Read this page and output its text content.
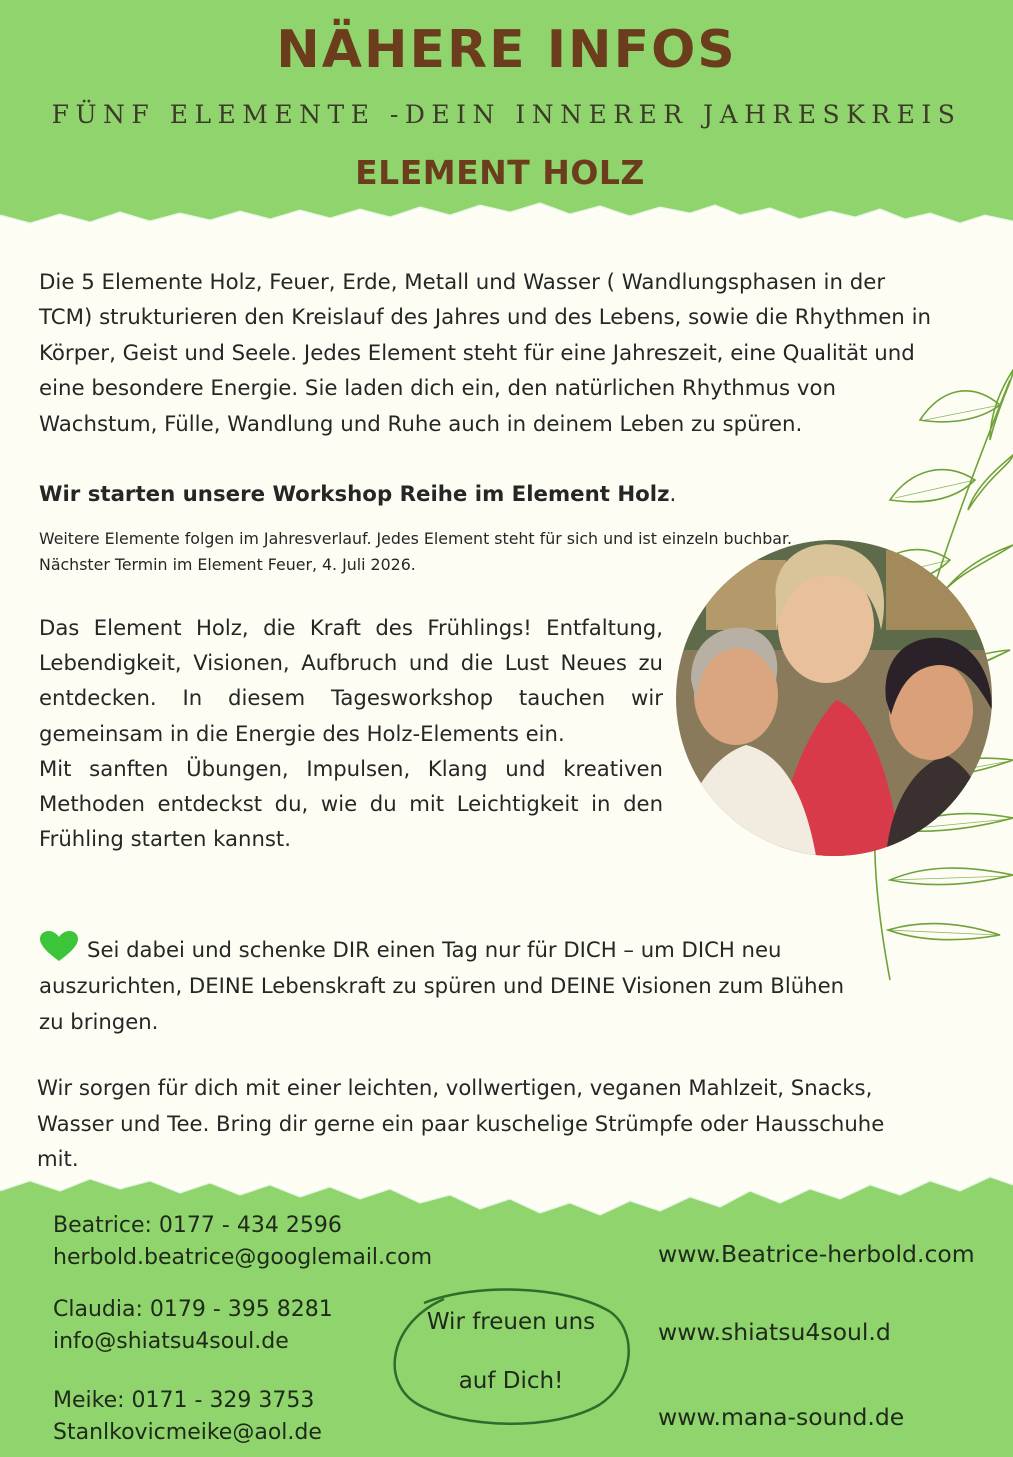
NÄHERE INFOS
FÜNF ELEMENTE -DEIN INNERER JAHRESKREIS
ELEMENT HOLZ
Die 5 Elemente Holz, Feuer, Erde, Metall und Wasser ( Wandlungsphasen in der TCM) strukturieren den Kreislauf des Jahres und des Lebens, sowie die Rhythmen in Körper, Geist und Seele. Jedes Element steht für eine Jahreszeit, eine Qualität und eine besondere Energie. Sie laden dich ein, den natürlichen Rhythmus von Wachstum, Fülle, Wandlung und Ruhe auch in deinem Leben zu spüren.
Wir starten unsere Workshop Reihe im Element Holz.
Weitere Elemente folgen im Jahresverlauf. Jedes Element steht für sich und ist einzeln buchbar. Nächster Termin im Element Feuer, 4. Juli 2026.
Das Element Holz, die Kraft des Frühlings! Entfaltung, Lebendigkeit, Visionen, Aufbruch und die Lust Neues zu entdecken. In diesem Tagesworkshop tauchen wir gemeinsam in die Energie des Holz-Elements ein.
Mit sanften Übungen, Impulsen, Klang und kreativen Methoden entdeckst du, wie du mit Leichtigkeit in den Frühling starten kannst.
Sei dabei und schenke DIR einen Tag nur für DICH – um DICH neu auszurichten, DEINE Lebenskraft zu spüren und DEINE Visionen zum Blühen zu bringen.
Wir sorgen für dich mit einer leichten, vollwertigen, veganen Mahlzeit, Snacks, Wasser und Tee. Bring dir gerne ein paar kuschelige Strümpfe oder Hausschuhe mit.
Beatrice: 0177 - 434 2596
herbold.beatrice@googlemail.com
Claudia: 0179 - 395 8281
info@shiatsu4soul.de
Meike: 0171 - 329 3753
Stanlkovicmeike@aol.de
Wir freuen uns
auf Dich!
www.Beatrice-herbold.com
www.shiatsu4soul.d
www.mana-sound.de
